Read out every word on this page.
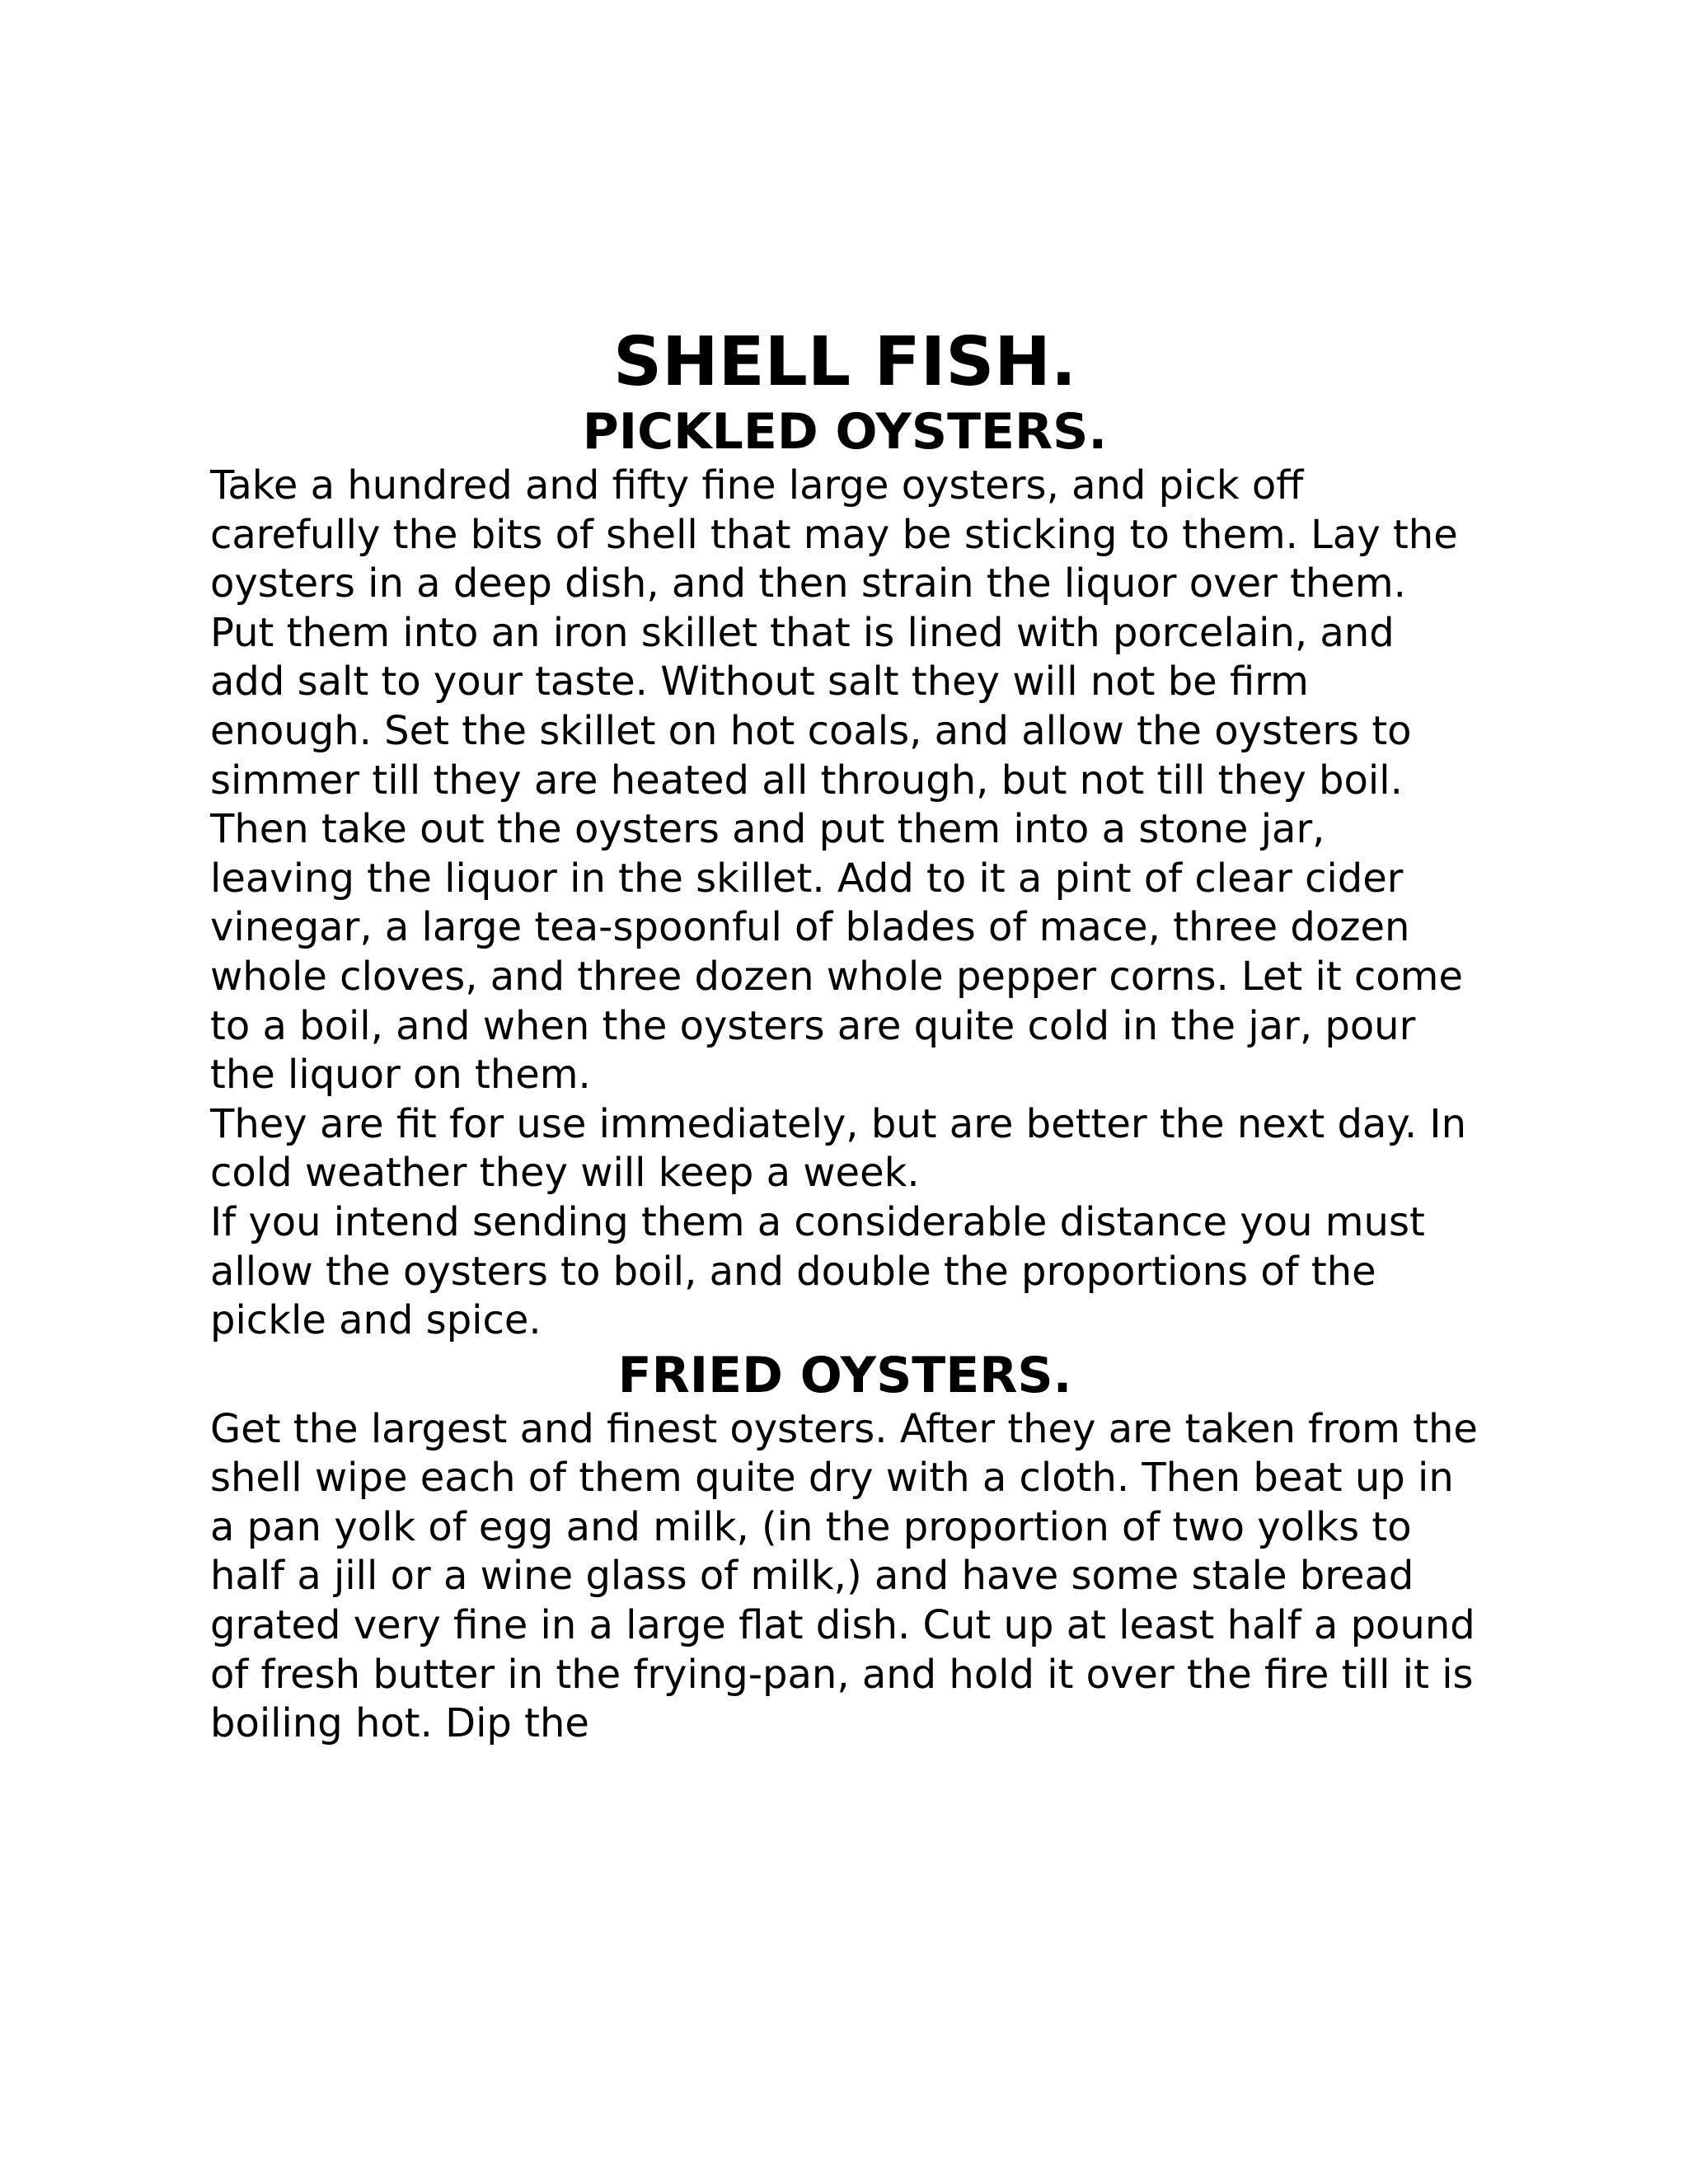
SHELL FISH.
PICKLED OYSTERS.

Take a hundred and fifty fine large oysters, and pick off carefully the bits of shell that may be sticking to them. Lay the oysters in a deep dish, and then strain the liquor over them. Put them into an iron skillet that is lined with porcelain, and add salt to your taste. Without salt they will not be firm enough. Set the skillet on hot coals, and allow the oysters to simmer till they are heated all through, but not till they boil. Then take out the oysters and put them into a stone jar, leaving the liquor in the skillet. Add to it a pint of clear cider vinegar, a large tea-spoonful of blades of mace, three dozen whole cloves, and three dozen whole pepper corns. Let it come to a boil, and when the oysters are quite cold in the jar, pour the liquor on them.

They are fit for use immediately, but are better the next day. In cold weather they will keep a week.

If you intend sending them a considerable distance you must allow the oysters to boil, and double the proportions of the pickle and spice.

FRIED OYSTERS.

Get the largest and finest oysters. After they are taken from the shell wipe each of them quite dry with a cloth. Then beat up in a pan yolk of egg and milk, (in the proportion of two yolks to half a jill or a wine glass of milk,) and have some stale bread grated very fine in a large flat dish. Cut up at least half a pound of fresh butter in the frying-pan, and hold it over the fire till it is boiling hot. Dip the
